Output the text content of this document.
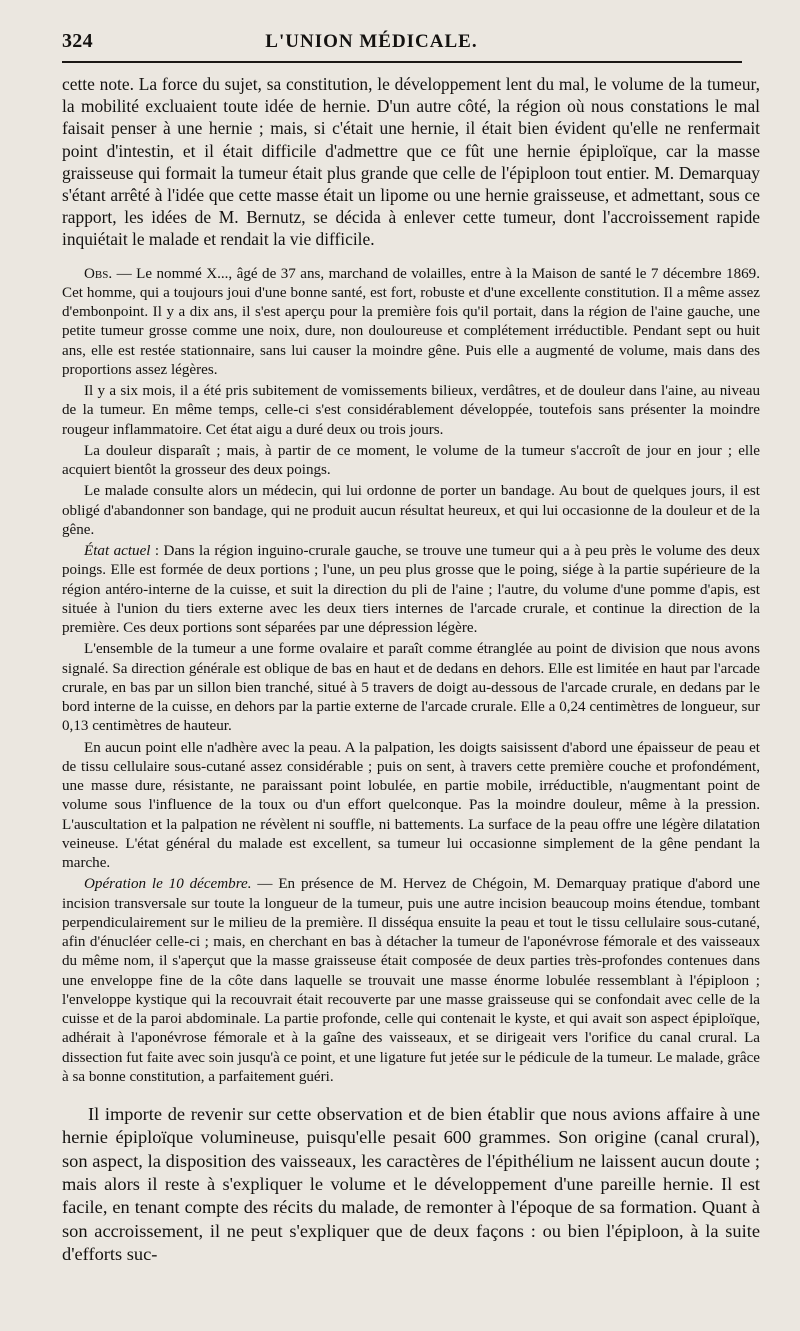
324	L'UNION MÉDICALE.

cette note. La force du sujet, sa constitution, le développement lent du mal, le volume de la tumeur, la mobilité excluaient toute idée de hernie. D'un autre côté, la région où nous constations le mal faisait penser à une hernie ; mais, si c'était une hernie, il était bien évident qu'elle ne renfermait point d'intestin, et il était difficile d'admettre que ce fût une hernie épiploïque, car la masse graisseuse qui formait la tumeur était plus grande que celle de l'épiploon tout entier. M. Demarquay s'étant arrêté à l'idée que cette masse était un lipome ou une hernie graisseuse, et admettant, sous ce rapport, les idées de M. Bernutz, se décida à enlever cette tumeur, dont l'accroissement rapide inquiétait le malade et rendait la vie difficile.

Obs. — Le nommé X..., âgé de 37 ans, marchand de volailles, entre à la Maison de santé le 7 décembre 1869. Cet homme, qui a toujours joui d'une bonne santé, est fort, robuste et d'une excellente constitution. Il a même assez d'embonpoint. Il y a dix ans, il s'est aperçu pour la première fois qu'il portait, dans la région de l'aine gauche, une petite tumeur grosse comme une noix, dure, non douloureuse et complétement irréductible. Pendant sept ou huit ans, elle est restée stationnaire, sans lui causer la moindre gêne. Puis elle a augmenté de volume, mais dans des proportions assez légères.

Il y a six mois, il a été pris subitement de vomissements bilieux, verdâtres, et de douleur dans l'aine, au niveau de la tumeur. En même temps, celle-ci s'est considérablement développée, toutefois sans présenter la moindre rougeur inflammatoire. Cet état aigu a duré deux ou trois jours.

La douleur disparaît ; mais, à partir de ce moment, le volume de la tumeur s'accroît de jour en jour ; elle acquiert bientôt la grosseur des deux poings.

Le malade consulte alors un médecin, qui lui ordonne de porter un bandage. Au bout de quelques jours, il est obligé d'abandonner son bandage, qui ne produit aucun résultat heureux, et qui lui occasionne de la douleur et de la gêne.

État actuel : Dans la région inguino-crurale gauche, se trouve une tumeur qui a à peu près le volume des deux poings. Elle est formée de deux portions ; l'une, un peu plus grosse que le poing, siége à la partie supérieure de la région antéro-interne de la cuisse, et suit la direction du pli de l'aine ; l'autre, du volume d'une pomme d'apis, est située à l'union du tiers externe avec les deux tiers internes de l'arcade crurale, et continue la direction de la première. Ces deux portions sont séparées par une dépression légère.

L'ensemble de la tumeur a une forme ovalaire et paraît comme étranglée au point de division que nous avons signalé. Sa direction générale est oblique de bas en haut et de dedans en dehors. Elle est limitée en haut par l'arcade crurale, en bas par un sillon bien tranché, situé à 5 travers de doigt au-dessous de l'arcade crurale, en dedans par le bord interne de la cuisse, en dehors par la partie externe de l'arcade crurale. Elle a 0,24 centimètres de longueur, sur 0,13 centimètres de hauteur.

En aucun point elle n'adhère avec la peau. A la palpation, les doigts saisissent d'abord une épaisseur de peau et de tissu cellulaire sous-cutané assez considérable ; puis on sent, à travers cette première couche et profondément, une masse dure, résistante, ne paraissant point lobulée, en partie mobile, irréductible, n'augmentant point de volume sous l'influence de la toux ou d'un effort quelconque. Pas la moindre douleur, même à la pression. L'auscultation et la palpation ne révèlent ni souffle, ni battements. La surface de la peau offre une légère dilatation veineuse. L'état général du malade est excellent, sa tumeur lui occasionne simplement de la gêne pendant la marche.

Opération le 10 décembre. — En présence de M. Hervez de Chégoin, M. Demarquay pratique d'abord une incision transversale sur toute la longueur de la tumeur, puis une autre incision beaucoup moins étendue, tombant perpendiculairement sur le milieu de la première. Il disséqua ensuite la peau et tout le tissu cellulaire sous-cutané, afin d'énucléer celle-ci ; mais, en cherchant en bas à détacher la tumeur de l'aponévrose fémorale et des vaisseaux du même nom, il s'aperçut que la masse graisseuse était composée de deux parties très-profondes contenues dans une enveloppe fine de la côte dans laquelle se trouvait une masse énorme lobulée ressemblant à l'épiploon ; l'enveloppe kystique qui la recouvrait était recouverte par une masse graisseuse qui se confondait avec celle de la cuisse et de la paroi abdominale. La partie profonde, celle qui contenait le kyste, et qui avait son aspect épiploïque, adhérait à l'aponévrose fémorale et à la gaîne des vaisseaux, et se dirigeait vers l'orifice du canal crural. La dissection fut faite avec soin jusqu'à ce point, et une ligature fut jetée sur le pédicule de la tumeur. Le malade, grâce à sa bonne constitution, a parfaitement guéri.

Il importe de revenir sur cette observation et de bien établir que nous avions affaire à une hernie épiploïque volumineuse, puisqu'elle pesait 600 grammes. Son origine (canal crural), son aspect, la disposition des vaisseaux, les caractères de l'épithélium ne laissent aucun doute ; mais alors il reste à s'expliquer le volume et le développement d'une pareille hernie. Il est facile, en tenant compte des récits du malade, de remonter à l'époque de sa formation. Quant à son accroissement, il ne peut s'expliquer que de deux façons : ou bien l'épiploon, à la suite d'efforts suc-
